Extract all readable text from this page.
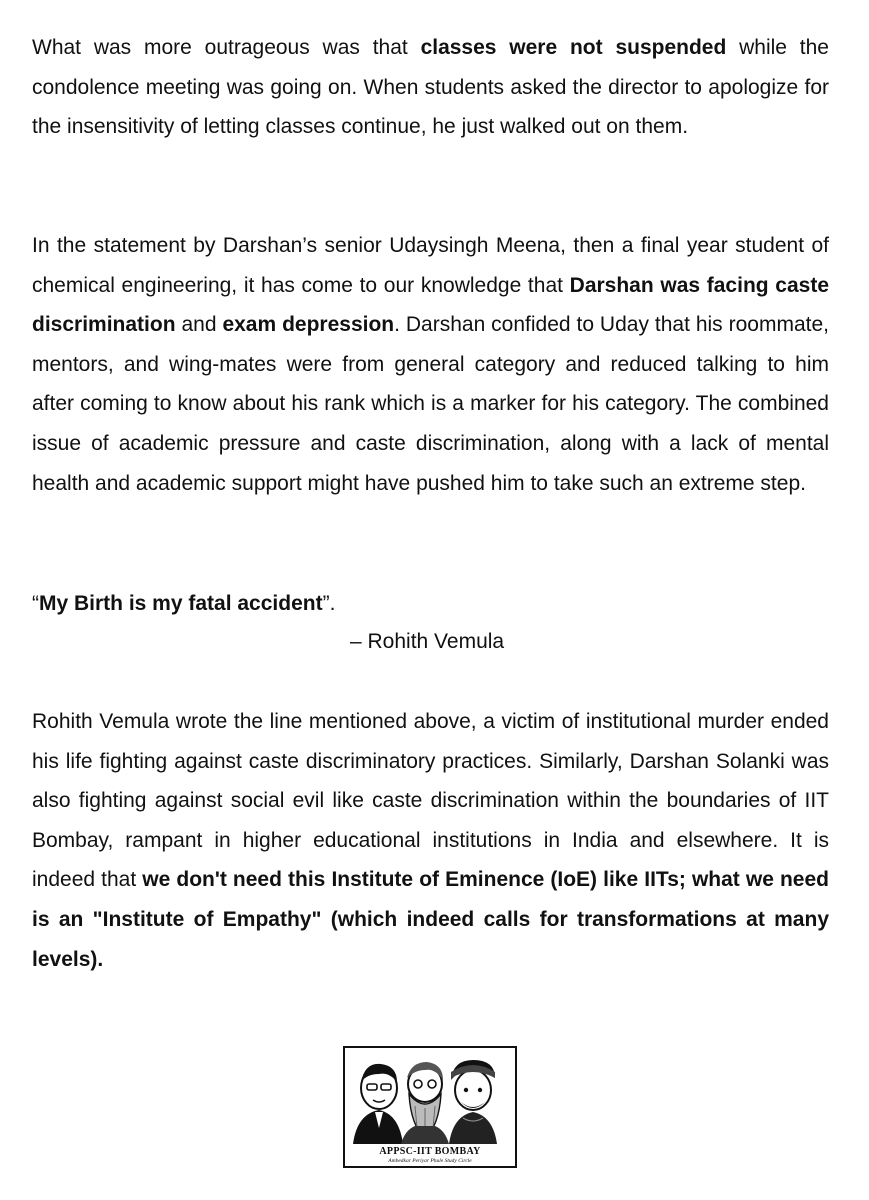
What was more outrageous was that classes were not suspended while the condolence meeting was going on. When students asked the director to apologize for the insensitivity of letting classes continue, he just walked out on them.

In the statement by Darshan’s senior Udaysingh Meena, then a final year student of chemical engineering, it has come to our knowledge that Darshan was facing caste discrimination and exam depression. Darshan confided to Uday that his roommate, mentors, and wing-mates were from general category and reduced talking to him after coming to know about his rank which is a marker for his category. The combined issue of academic pressure and caste discrimination, along with a lack of mental health and academic support might have pushed him to take such an extreme step.

“My Birth is my fatal accident”.

– Rohith Vemula

Rohith Vemula wrote the line mentioned above, a victim of institutional murder ended his life fighting against caste discriminatory practices. Similarly, Darshan Solanki was also fighting against social evil like caste discrimination within the boundaries of IIT Bombay, rampant in higher educational institutions in India and elsewhere. It is indeed that we don't need this Institute of Eminence (IoE) like IITs; what we need is an "Institute of Empathy" (which indeed calls for transformations at many levels).

APPSC-IIT BOMBAY
Ambedkar Periyar Phule Study Circle
